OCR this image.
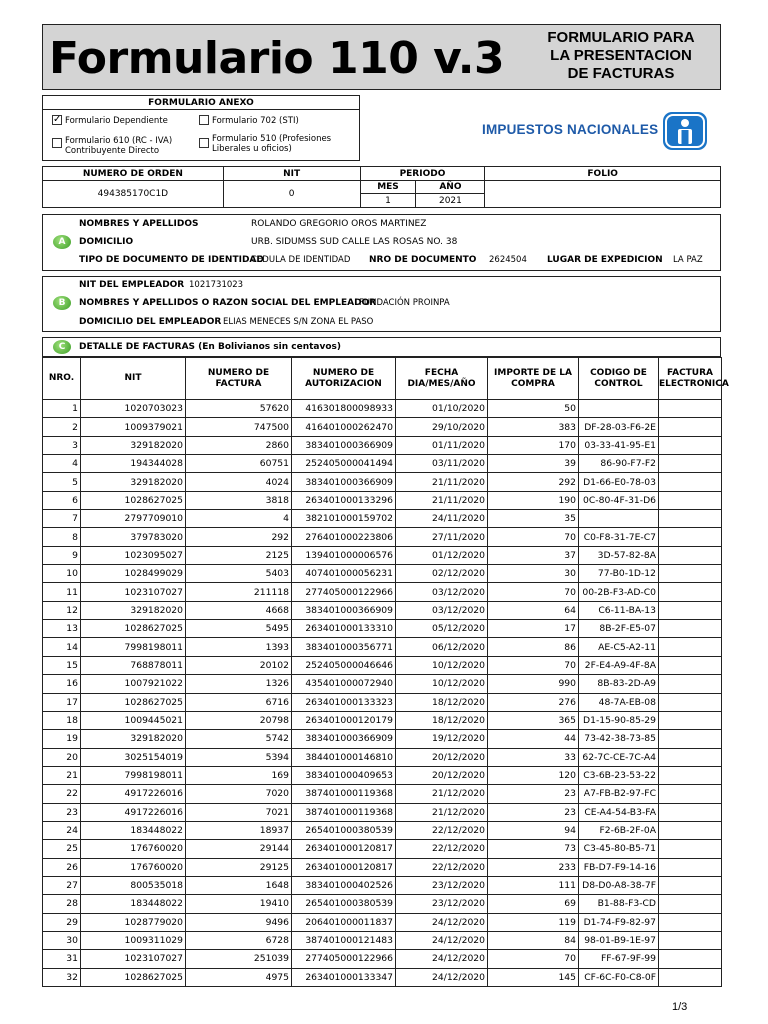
Formulario 110 v.3	FORMULARIO PARA
LA PRESENTACION
DE FACTURAS
FORMULARIO ANEXO
✓ Formulario Dependiente	Formulario 702 (STI)
Formulario 610 (RC - IVA)
Contribuyente Directo
Formulario 510 (Profesiones
Liberales u oficios)
IMPUESTOS NACIONALES
NUMERO DE ORDEN	NIT	PERIODO		FOLIO
494385170C1D	0	MES	AÑO	
		1	2021	
A
NOMBRES Y APELLIDOS	ROLANDO GREGORIO OROS MARTINEZ
DOMICILIO	URB. SIDUMSS SUD CALLE LAS ROSAS NO. 38
TIPO DE DOCUMENTO DE IDENTIDAD
CEDULA DE IDENTIDAD NRO DE DOCUMENTO 2624504 LUGAR DE EXPEDICION LA PAZ
B
NIT DEL EMPLEADOR 1021731023
NOMBRES Y APELLIDOS O RAZON SOCIAL DEL EMPLEADOR
FUNDACIÓN PROINPA
DOMICILIO DEL EMPLEADOR ELIAS MENECES S/N ZONA EL PASO
C	DETALLE DE FACTURAS (En Bolivianos sin centavos)
NRO.	NIT	NUMERO DE FACTURA	NUMERO DE AUTORIZACION	FECHA DIA/MES/AÑO	IMPORTE DE LA COMPRA	CODIGO DE CONTROL	FACTURA ELECTRONICA
1	1020703023	57620	416301800098933	01/10/2020	50		
2	1009379021	747500	416401000262470	29/10/2020	383	DF-28-03-F6-2E	
3	329182020	2860	383401000366909	01/11/2020	170	03-33-41-95-E1	
4	194344028	60751	252405000041494	03/11/2020	39	86-90-F7-F2	
5	329182020	4024	383401000366909	21/11/2020	292	D1-66-E0-78-03	
6	1028627025	3818	263401000133296	21/11/2020	190	0C-80-4F-31-D6	
7	2797709010	4	382101000159702	24/11/2020	35		
8	379783020	292	276401000223806	27/11/2020	70	C0-F8-31-7E-C7	
9	1023095027	2125	139401000006576	01/12/2020	37	3D-57-82-8A	
10	1028499029	5403	407401000056231	02/12/2020	30	77-B0-1D-12	
11	1023107027	211118	277405000122966	03/12/2020	70	00-2B-F3-AD-C0	
12	329182020	4668	383401000366909	03/12/2020	64	C6-11-BA-13	
13	1028627025	5495	263401000133310	05/12/2020	17	8B-2F-E5-07	
14	7998198011	1393	383401000356771	06/12/2020	86	AE-C5-A2-11	
15	768878011	20102	252405000046646	10/12/2020	70	2F-E4-A9-4F-8A	
16	1007921022	1326	435401000072940	10/12/2020	990	8B-83-2D-A9	
17	1028627025	6716	263401000133323	18/12/2020	276	48-7A-EB-08	
18	1009445021	20798	263401000120179	18/12/2020	365	D1-15-90-85-29	
19	329182020	5742	383401000366909	19/12/2020	44	73-42-38-73-85	
20	3025154019	5394	384401000146810	20/12/2020	33	62-7C-CE-7C-A4	
21	7998198011	169	383401000409653	20/12/2020	120	C3-6B-23-53-22	
22	4917226016	7020	387401000119368	21/12/2020	23	A7-FB-B2-97-FC	
23	4917226016	7021	387401000119368	21/12/2020	23	CE-A4-54-B3-FA	
24	183448022	18937	265401000380539	22/12/2020	94	F2-6B-2F-0A	
25	176760020	29144	263401000120817	22/12/2020	73	C3-45-80-B5-71	
26	176760020	29125	263401000120817	22/12/2020	233	FB-D7-F9-14-16	
27	800535018	1648	383401000402526	23/12/2020	111	D8-D0-A8-38-7F	
28	183448022	19410	265401000380539	23/12/2020	69	B1-88-F3-CD	
29	1028779020	9496	206401000011837	24/12/2020	119	D1-74-F9-82-97	
30	1009311029	6728	387401000121483	24/12/2020	84	98-01-B9-1E-97	
31	1023107027	251039	277405000122966	24/12/2020	70	FF-67-9F-99	
32	1028627025	4975	263401000133347	24/12/2020	145	CF-6C-F0-C8-0F	
1/3
